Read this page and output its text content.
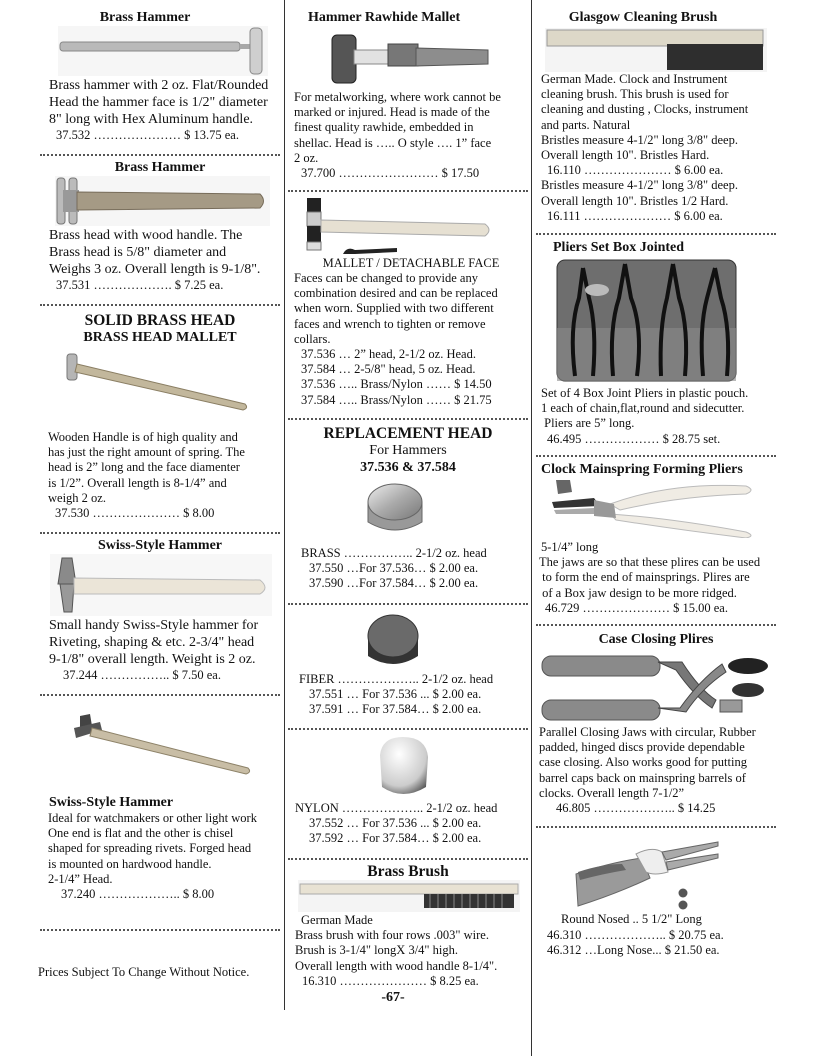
Brass Hammer
Brass hammer with 2 oz. Flat/Rounded
Head the hammer face is 1/2" diameter
8" long with Hex Aluminum handle.
37.532 ………………… $ 13.75 ea.
Brass Hammer
Brass head with wood handle. The
Brass head is 5/8" diameter and
Weighs 3 oz. Overall length is 9-1/8".
37.531 ………………. $ 7.25 ea.
SOLID BRASS HEAD
BRASS HEAD MALLET
Wooden Handle is of high quality and
has just the right amount of spring. The
head is 2” long and the face diamenter
is 1/2”. Overall length is 8-1/4” and
weigh 2 oz.
37.530 ………………… $ 8.00
Swiss-Style Hammer
Small handy Swiss-Style hammer for
Riveting, shaping & etc. 2-3/4" head
9-1/8" overall length. Weight is 2 oz.
37.244 …………….. $ 7.50 ea.
Swiss-Style Hammer
Ideal for watchmakers or other light work
One end is flat and the other is chisel
shaped for spreading rivets. Forged head
is mounted on hardwood handle.
2-1/4” Head.
37.240 ……………….. $ 8.00
Prices Subject To Change Without Notice.
Hammer Rawhide Mallet
For metalworking, where work cannot be
marked or injured. Head is made of the
finest quality rawhide, embedded in
shellac. Head is ….. O style …. 1” face
2 oz.
37.700 …………………… $ 17.50
MALLET / DETACHABLE FACE
Faces can be changed to provide any
combination desired and can be replaced
when worn. Supplied with two different
faces and wrench to tighten or remove
collars.
37.536 … 2” head, 2-1/2 oz. Head.
37.584 … 2-5/8" head, 5 oz. Head.
37.536 ….. Brass/Nylon …… $ 14.50
37.584 ….. Brass/Nylon …… $ 21.75
REPLACEMENT HEAD
For Hammers
37.536 & 37.584
BRASS …………….. 2-1/2 oz. head
37.550 …For 37.536… $ 2.00 ea.
37.590 …For 37.584… $ 2.00 ea.
FIBER ……………….. 2-1/2 oz. head
37.551 … For 37.536 ... $ 2.00 ea.
37.591 … For 37.584… $ 2.00 ea.
NYLON ……………….. 2-1/2 oz. head
37.552 … For 37.536 ... $ 2.00 ea.
37.592 … For 37.584… $ 2.00 ea.
Brass Brush
German Made
Brass brush with four rows .003" wire.
Brush is 3-1/4" longX 3/4" high.
Overall length with wood handle 8-1/4".
16.310 ………………… $ 8.25 ea.
-67-
Glasgow Cleaning Brush
German Made. Clock and Instrument
cleaning brush. This brush is used for
cleaning and dusting , Clocks, instrument
and parts. Natural
Bristles measure 4-1/2" long 3/8" deep.
Overall length 10". Bristles Hard.
16.110 ………………… $ 6.00 ea.
Bristles measure 4-1/2" long 3/8" deep.
Overall length 10". Bristles 1/2 Hard.
16.111 ………………… $ 6.00 ea.
Pliers Set Box Jointed
Set of 4 Box Joint Pliers in plastic pouch.
1 each of chain,flat,round and sidecutter.
Pliers are 5” long.
46.495 ……………… $ 28.75 set.
Clock Mainspring Forming Pliers
5-1/4” long
The jaws are so that these plires can be used
to form the end of mainsprings. Plires are
of a Box jaw design to be more ridged.
46.729 ………………… $ 15.00 ea.
Case Closing Plires
Parallel Closing Jaws with circular, Rubber
padded, hinged discs provide dependable
case closing. Also works good for putting
barrel caps back on mainspring barrels of
clocks. Overall length 7-1/2”
46.805 ……………….. $ 14.25
Round Nosed .. 5 1/2" Long
46.310 ……………….. $ 20.75 ea.
46.312 …Long Nose... $ 21.50 ea.
